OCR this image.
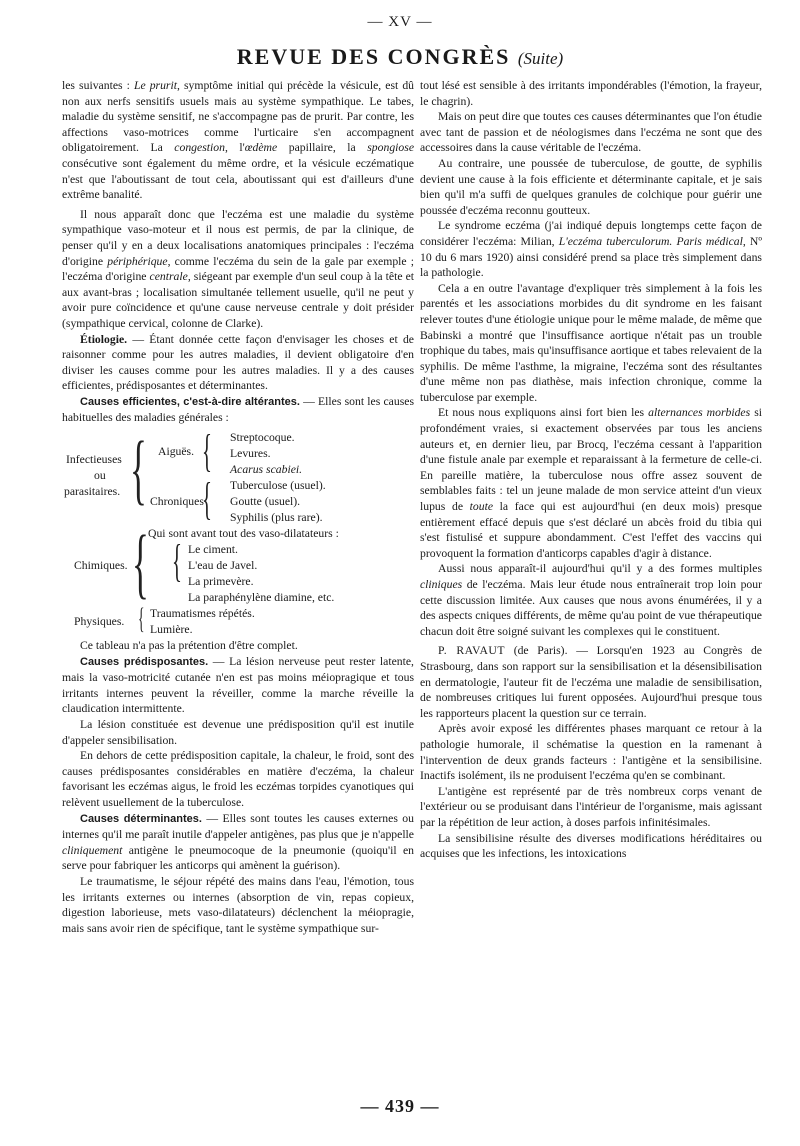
— XV —
REVUE DES CONGRÈS (Suite)

les suivantes : Le prurit, symptôme initial qui précède la vésicule, est dû non aux nerfs sensitifs usuels mais au système sympathique. Le tabes, maladie du système sensitif, ne s'accompagne pas de prurit. Par contre, les affections vaso-motrices comme l'urticaire s'en accompagnent obligatoirement. La congestion, l'œdème papillaire, la spongiose consécutive sont également du même ordre, et la vésicule eczématique n'est que l'aboutissant de tout cela, aboutissant qui est d'ailleurs d'une extrême banalité.

Il nous apparaît donc que l'eczéma est une maladie du système sympathique vaso-moteur et il nous est permis, de par la clinique, de penser qu'il y en a deux localisations anatomiques principales : l'eczéma d'origine périphérique, comme l'eczéma du sein de la gale par exemple ; l'eczéma d'origine centrale, siégeant par exemple d'un seul coup à la tête et aux avant-bras ; localisation simultanée tellement usuelle, qu'il ne peut y avoir pure coïncidence et qu'une cause nerveuse centrale y doit présider (sympathique cervical, colonne de Clarke).

Étiologie. — Étant donnée cette façon d'envisager les choses et de raisonner comme pour les autres maladies, il devient obligatoire d'en diviser les causes comme pour les autres maladies. Il y a des causes efficientes, prédisposantes et déterminantes.

Causes efficientes, c'est-à-dire altérantes. — Elles sont les causes habituelles des maladies générales :

Infectieuses
ou
parasitaires. { Aiguës. { Streptocoque.
Levures.
Acarus scabiei.
Chroniques
{ Tuberculose (usuel).
Goutte (usuel).
Syphilis (plus rare).
Chimiques. { Qui sont avant tout des vaso-dilatateurs :
{ Le ciment.
L'eau de Javel.
La primevère.
La paraphénylène diamine, etc.
Physiques. { Traumatismes répétés.
Lumière.

Ce tableau n'a pas la prétention d'être complet.

Causes prédisposantes. — La lésion nerveuse peut rester latente, mais la vaso-motricité cutanée n'en est pas moins méiopragique et tous irritants internes peuvent la réveiller, comme la marche réveille la claudication intermittente.

La lésion constituée est devenue une prédisposition qu'il est inutile d'appeler sensibilisation.

En dehors de cette prédisposition capitale, la chaleur, le froid, sont des causes prédisposantes considérables en matière d'eczéma, la chaleur favorisant les eczémas aigus, le froid les eczémas torpides cyanotiques qui relèvent usuellement de la tuberculose.

Causes déterminantes. — Elles sont toutes les causes externes ou internes qu'il me paraît inutile d'appeler antigènes, pas plus que je n'appelle cliniquement antigène le pneumocoque de la pneumonie (quoiqu'il en serve pour fabriquer les anticorps qui amènent la guérison).

Le traumatisme, le séjour répété des mains dans l'eau, l'émotion, tous les irritants externes ou internes (absorption de vin, repas copieux, digestion laborieuse, mets vaso-dilatateurs) déclenchent la méiopragie, mais sans avoir rien de spécifique, tant le système sympathique sur-

tout lésé est sensible à des irritants impondérables (l'émotion, la frayeur, le chagrin).

Mais on peut dire que toutes ces causes déterminantes que l'on étudie avec tant de passion et de néologismes dans l'eczéma ne sont que des accessoires dans la cause véritable de l'eczéma.

Au contraire, une poussée de tuberculose, de goutte, de syphilis devient une cause à la fois efficiente et déterminante capitale, et je sais bien qu'il m'a suffi de quelques granules de colchique pour guérir une poussée d'eczéma reconnu goutteux.

Le syndrome eczéma (j'ai indiqué depuis longtemps cette façon de considérer l'eczéma: Milian, L'eczéma tuberculorum. Paris médical, Nº 10 du 6 mars 1920) ainsi considéré prend sa place très simplement dans la pathologie.

Cela a en outre l'avantage d'expliquer très simplement à la fois les parentés et les associations morbides du dit syndrome en les faisant relever toutes d'une étiologie unique pour le même malade, de même que Babinski a montré que l'insuffisance aortique n'était pas un trouble trophique du tabes, mais qu'insuffisance aortique et tabes relevaient de la syphilis. De même l'asthme, la migraine, l'eczéma sont des résultantes d'une même non pas diathèse, mais infection chronique, comme la tuberculose par exemple.

Et nous nous expliquons ainsi fort bien les alternances morbides si profondément vraies, si exactement observées par tous les anciens auteurs et, en dernier lieu, par Brocq, l'eczéma cessant à l'apparition d'une fistule anale par exemple et reparaissant à la fermeture de celle-ci. En pareille matière, la tuberculose nous offre assez souvent de semblables faits : tel un jeune malade de mon service atteint d'un vieux lupus de toute la face qui est aujourd'hui (en deux mois) presque entièrement effacé depuis que s'est déclaré un abcès froid du tibia qui s'est fistulisé et suppure abondamment. C'est l'effet des vaccins qui provoquent la formation d'anticorps capables d'agir à distance.

Aussi nous apparaît-il aujourd'hui qu'il y a des formes multiples cliniques de l'eczéma. Mais leur étude nous entraînerait trop loin pour cette discussion limitée. Aux causes que nous avons énumérées, il y a des aspects cniques différents, de même qu'au point de vue thérapeutique chacun doit être soigné suivant les complexes qui le constituent.

P. RAVAUT (de Paris). — Lorsqu'en 1923 au Congrès de Strasbourg, dans son rapport sur la sensibilisation et la désensibilisation en dermatologie, l'auteur fit de l'eczéma une maladie de sensibilisation, de nombreuses critiques lui furent opposées. Aujourd'hui presque tous les rapporteurs placent la question sur ce terrain.

Après avoir exposé les différentes phases marquant ce retour à la pathologie humorale, il schématise la question en la ramenant à l'intervention de deux grands facteurs : l'antigène et la sensibilisine. Inactifs isolément, ils ne produisent l'eczéma qu'en se combinant.

L'antigène est représenté par de très nombreux corps venant de l'extérieur ou se produisant dans l'intérieur de l'organisme, mais agissant par la répétition de leur action, à doses parfois infinitésimales.

La sensibilisine résulte des diverses modifications héréditaires ou acquises que les infections, les intoxications

— 439 —
